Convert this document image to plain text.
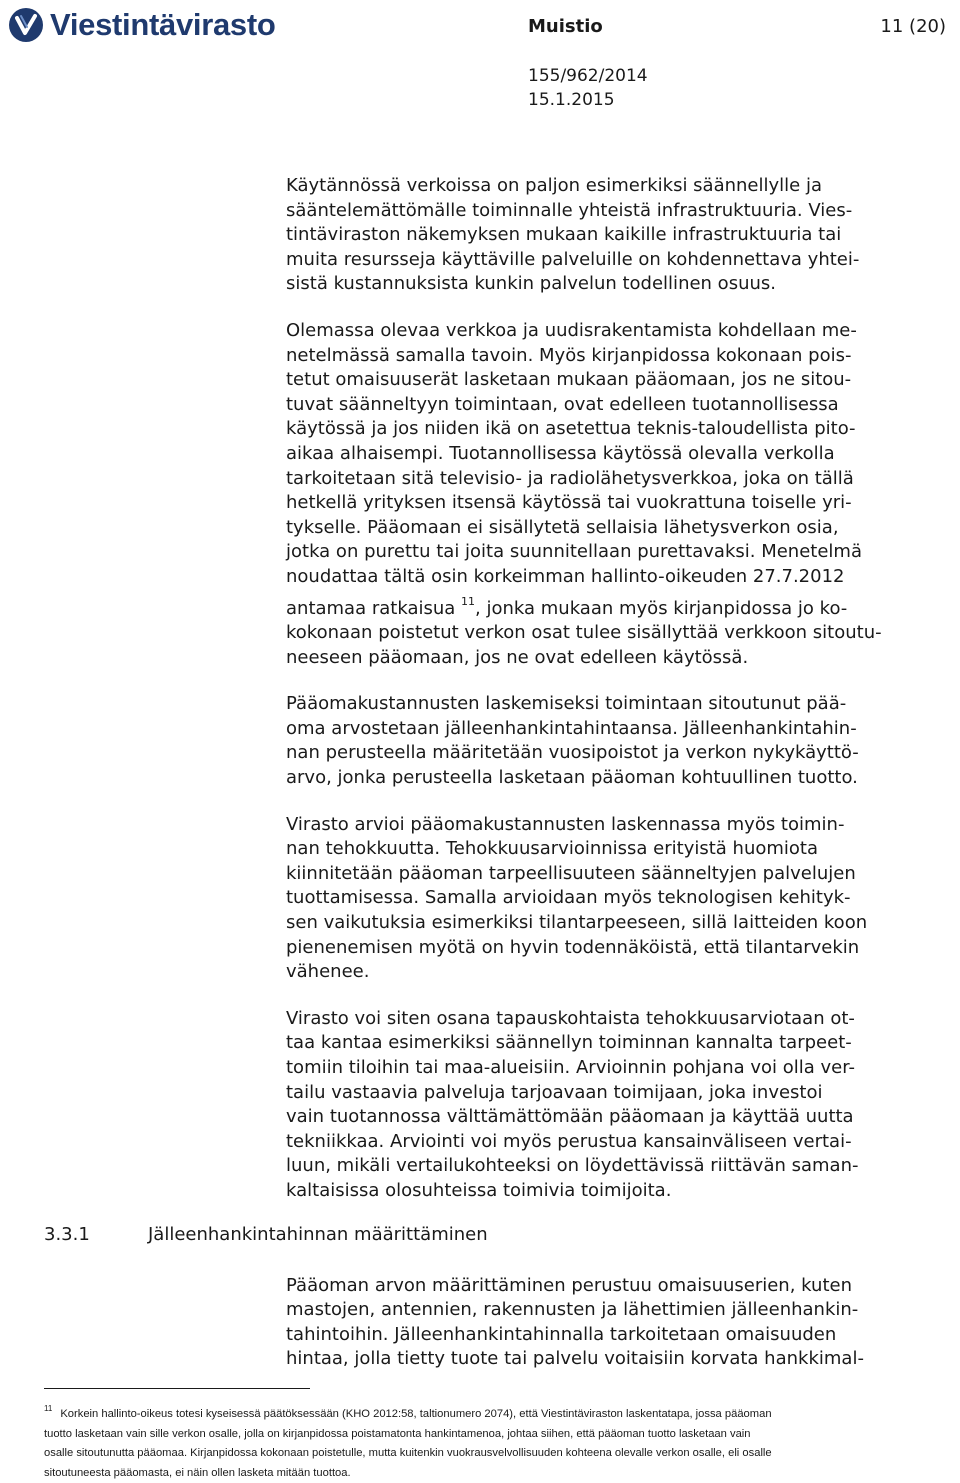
Viestintävirasto	Muistio	11 (20)
155/962/2014
15.1.2015

Käytännössä verkoissa on paljon esimerkiksi säännellylle ja
sääntelemättömälle toiminnalle yhteistä infrastruktuuria. Vies-
tintäviraston näkemyksen mukaan kaikille infrastruktuuria tai
muita resursseja käyttäville palveluille on kohdennettava yhtei-
sistä kustannuksista kunkin palvelun todellinen osuus.

Olemassa olevaa verkkoa ja uudisrakentamista kohdellaan me-
netelmässä samalla tavoin. Myös kirjanpidossa kokonaan pois-
tetut omaisuuserät lasketaan mukaan pääomaan, jos ne sitou-
tuvat säänneltyyn toimintaan, ovat edelleen tuotannollisessa
käytössä ja jos niiden ikä on asetettua teknis-taloudellista pito-
aikaa alhaisempi. Tuotannollisessa käytössä olevalla verkolla
tarkoitetaan sitä televisio- ja radiolähetysverkkoa, joka on tällä
hetkellä yrityksen itsensä käytössä tai vuokrattuna toiselle yri-
tykselle. Pääomaan ei sisällytetä sellaisia lähetysverkon osia,
jotka on purettu tai joita suunnitellaan purettavaksi. Menetelmä
noudattaa tältä osin korkeimman hallinto-oikeuden 27.7.2012
antamaa ratkaisua $^{11}$, jonka mukaan myös kirjanpidossa jo ko-
kokonaan poistetut verkon osat tulee sisällyttää verkkoon sitoutu-
neeseen pääomaan, jos ne ovat edelleen käytössä.

Pääomakustannusten laskemiseksi toimintaan sitoutunut pää-
oma arvostetaan jälleenhankintahintaansa. Jälleenhankintahin-
nan perusteella määritetään vuosipoistot ja verkon nykykäyttö-
arvo, jonka perusteella lasketaan pääoman kohtuullinen tuotto.

Virasto arvioi pääomakustannusten laskennassa myös toimin-
nan tehokkuutta. Tehokkuusarvioinnissa erityistä huomiota
kiinnitetään pääoman tarpeellisuuteen säänneltyjen palvelujen
tuottamisessa. Samalla arvioidaan myös teknologisen kehityk-
sen vaikutuksia esimerkiksi tilantarpeeseen, sillä laitteiden koon
pienenemisen myötä on hyvin todennäköistä, että tilantarvekin
vähenee.

Virasto voi siten osana tapauskohtaista tehokkuusarviotaan ot-
taa kantaa esimerkiksi säännellyn toiminnan kannalta tarpeet-
tomiin tiloihin tai maa-alueisiin. Arvioinnin pohjana voi olla ver-
tailu vastaavia palveluja tarjoavaan toimijaan, joka investoi
vain tuotannossa välttämättömään pääomaan ja käyttää uutta
tekniikkaa. Arviointi voi myös perustua kansainväliseen vertai-
luun, mikäli vertailukohteeksi on löydettävissä riittävän saman-
kaltaisissa olosuhteissa toimivia toimijoita.

Pääoman arvon määrittäminen perustuu omaisuuserien, kuten
mastojen, antennien, rakennusten ja lähettimien jälleenhankin-
tahintoihin. Jälleenhankintahinnalla tarkoitetaan omaisuuden
hintaa, jolla tietty tuote tai palvelu voitaisiin korvata hankkimal-

3.3.1	Jälleenhankintahinnan määrittäminen
$^{11}$ Korkein hallinto-oikeus totesi kyseisessä päätöksessään (KHO 2012:58, taltionumero 2074), että Viestintäviraston laskentatapa, jossa pääoman
tuotto lasketaan vain sille verkon osalle, jolla on kirjanpidossa poistamatonta hankintamenoa, johtaa siihen, että pääoman tuotto lasketaan vain
osalle sitoutunutta pääomaa. Kirjanpidossa kokonaan poistetulle, mutta kuitenkin vuokrausvelvollisuuden kohteena olevalle verkon osalle, eli osalle
sitoutuneesta pääomasta, ei näin ollen lasketa mitään tuottoa.
